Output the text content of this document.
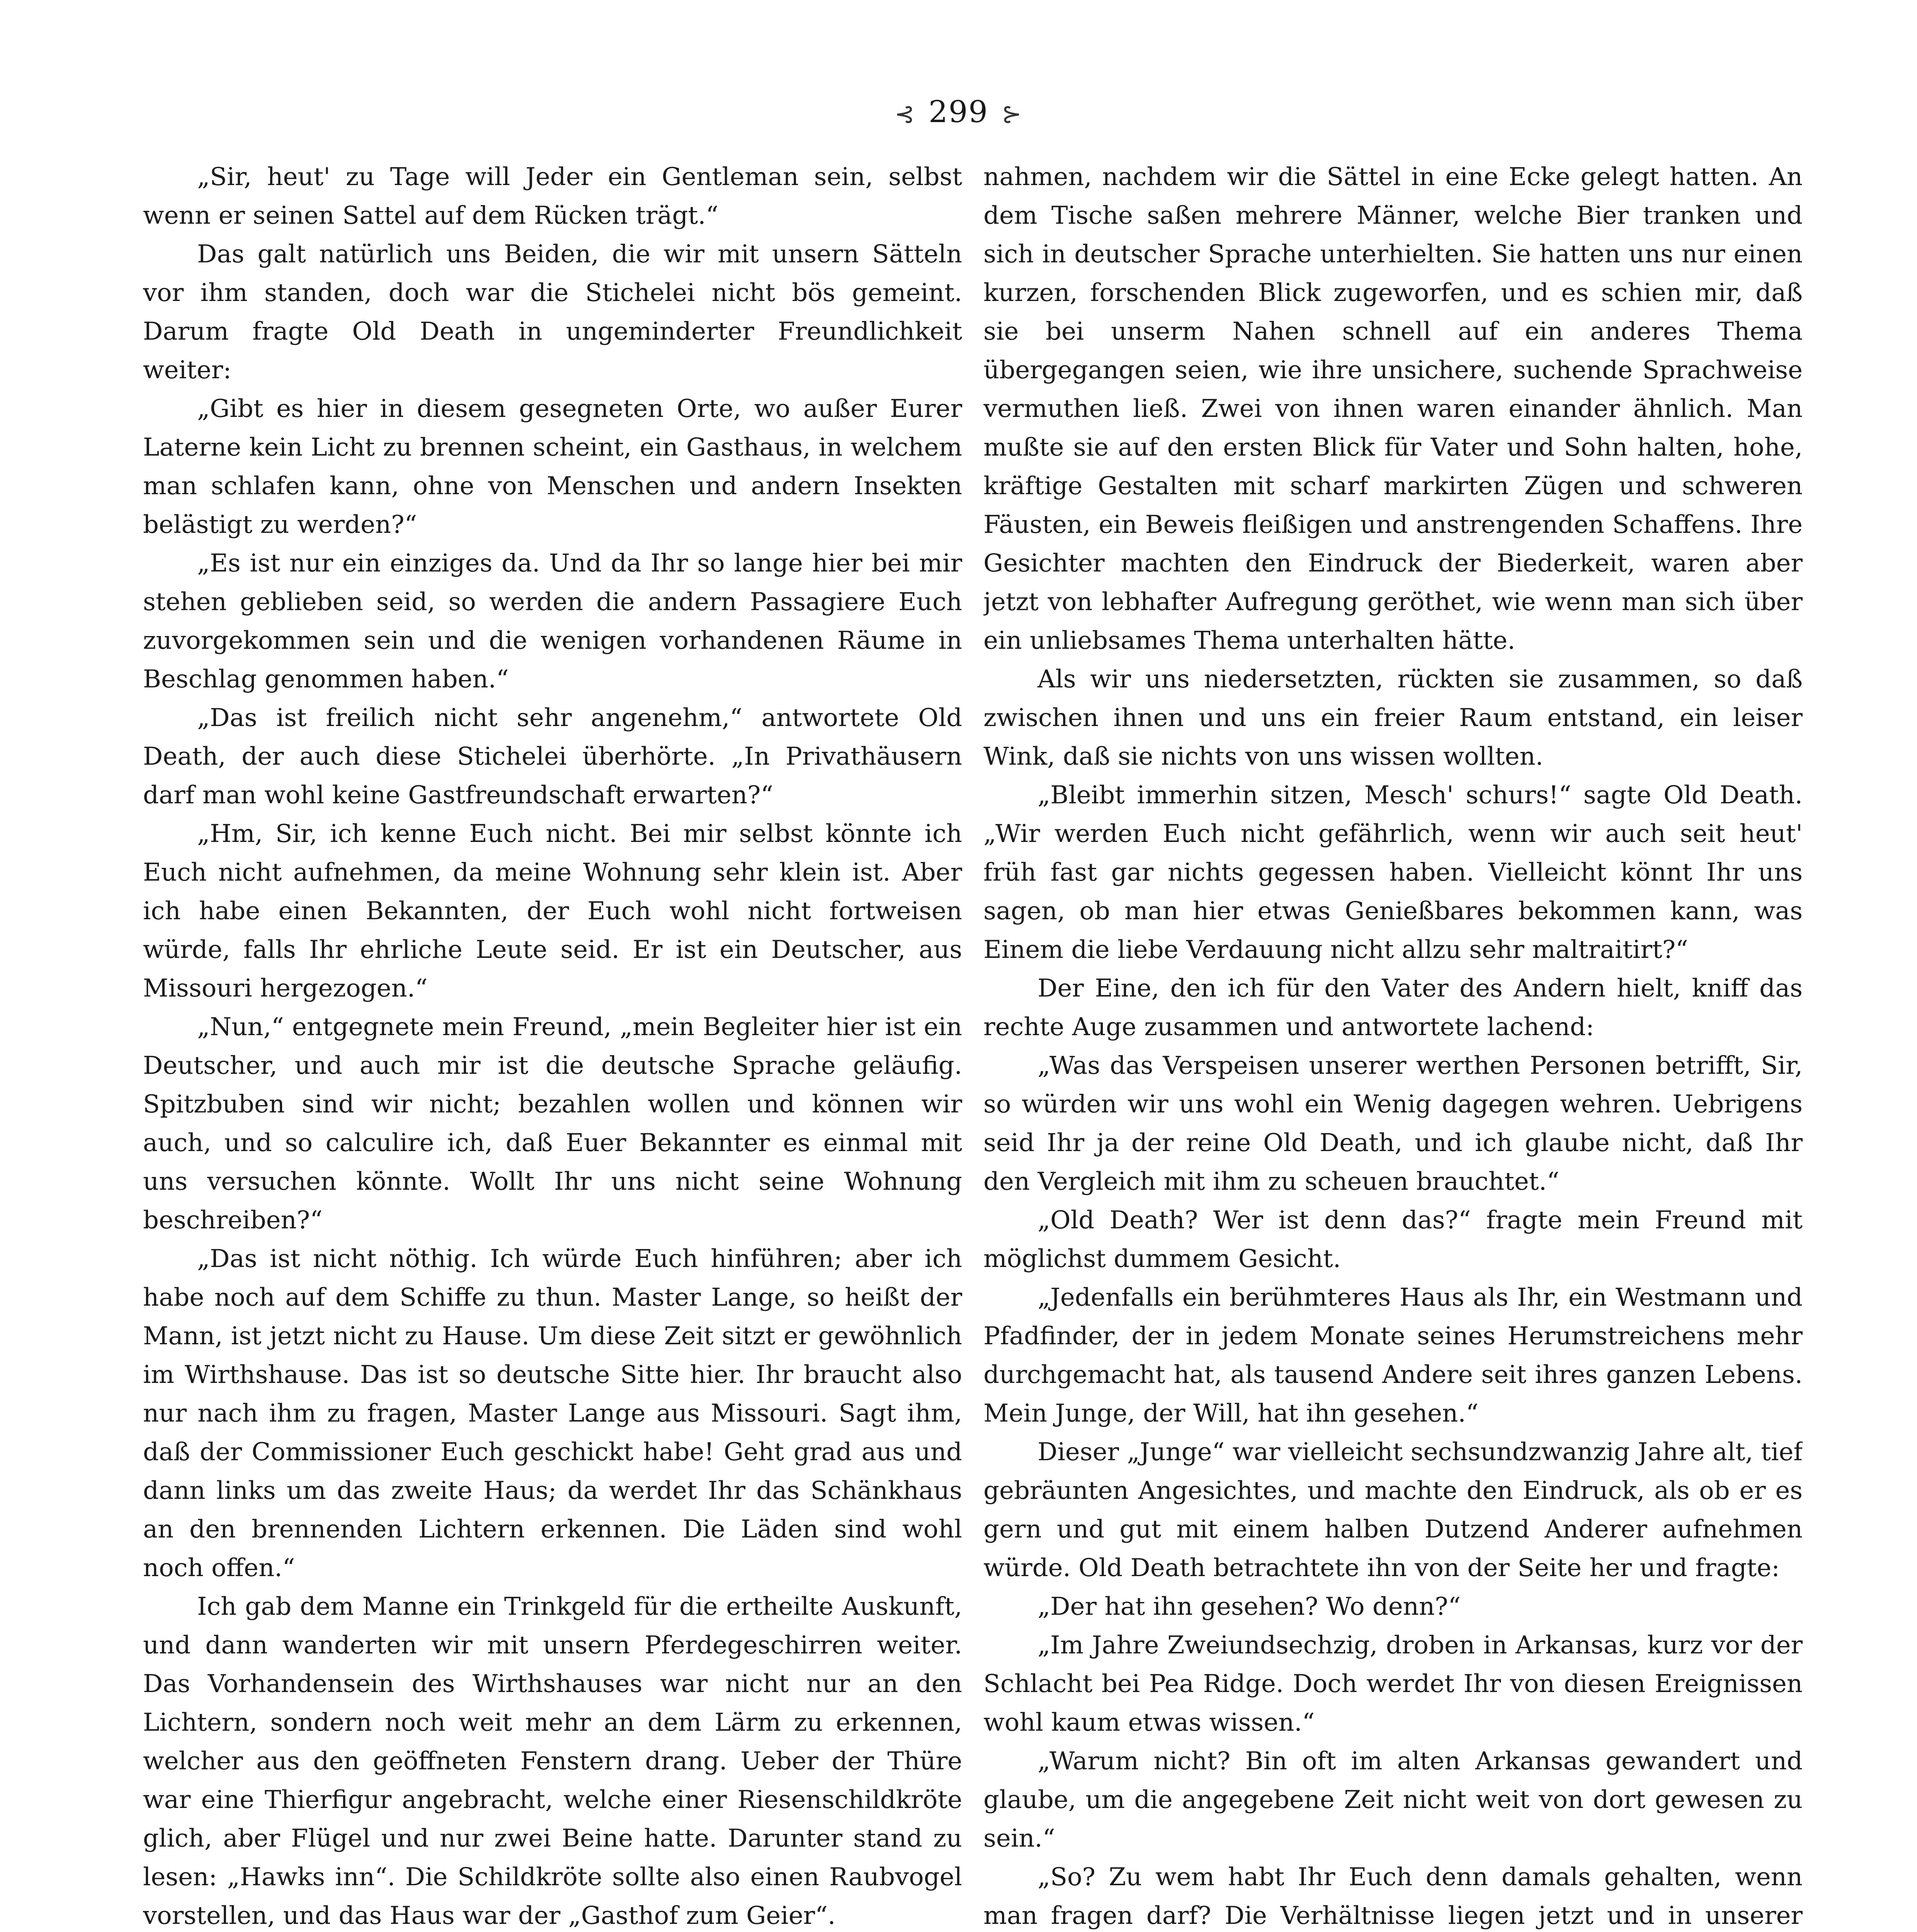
⊰ 299 ⊱

„Sir, heut' zu Tage will Jeder ein Gentleman sein, selbst wenn er seinen Sattel auf dem Rücken trägt.“

Das galt natürlich uns Beiden, die wir mit unsern Sätteln vor ihm standen, doch war die Stichelei nicht bös gemeint. Darum fragte Old Death in ungeminderter Freundlichkeit weiter:

„Gibt es hier in diesem gesegneten Orte, wo außer Eurer Laterne kein Licht zu brennen scheint, ein Gasthaus, in welchem man schlafen kann, ohne von Menschen und andern Insekten belästigt zu werden?“

„Es ist nur ein einziges da. Und da Ihr so lange hier bei mir stehen geblieben seid, so werden die andern Passagiere Euch zuvorgekommen sein und die wenigen vorhandenen Räume in Beschlag genommen haben.“

„Das ist freilich nicht sehr angenehm,“ antwortete Old Death, der auch diese Stichelei überhörte. „In Privathäusern darf man wohl keine Gastfreundschaft erwarten?“

„Hm, Sir, ich kenne Euch nicht. Bei mir selbst könnte ich Euch nicht aufnehmen, da meine Wohnung sehr klein ist. Aber ich habe einen Bekannten, der Euch wohl nicht fortweisen würde, falls Ihr ehrliche Leute seid. Er ist ein Deutscher, aus Missouri hergezogen.“

„Nun,“ entgegnete mein Freund, „mein Begleiter hier ist ein Deutscher, und auch mir ist die deutsche Sprache geläufig. Spitzbuben sind wir nicht; bezahlen wollen und können wir auch, und so calculire ich, daß Euer Bekannter es einmal mit uns versuchen könnte. Wollt Ihr uns nicht seine Wohnung beschreiben?“

„Das ist nicht nöthig. Ich würde Euch hinführen; aber ich habe noch auf dem Schiffe zu thun. Master Lange, so heißt der Mann, ist jetzt nicht zu Hause. Um diese Zeit sitzt er gewöhnlich im Wirthshause. Das ist so deutsche Sitte hier. Ihr braucht also nur nach ihm zu fragen, Master Lange aus Missouri. Sagt ihm, daß der Commissioner Euch geschickt habe! Geht grad aus und dann links um das zweite Haus; da werdet Ihr das Schänkhaus an den brennenden Lichtern erkennen. Die Läden sind wohl noch offen.“

Ich gab dem Manne ein Trinkgeld für die ertheilte Auskunft, und dann wanderten wir mit unsern Pferdegeschirren weiter. Das Vorhandensein des Wirthshauses war nicht nur an den Lichtern, sondern noch weit mehr an dem Lärm zu erkennen, welcher aus den geöffneten Fenstern drang. Ueber der Thüre war eine Thierfigur angebracht, welche einer Riesenschildkröte glich, aber Flügel und nur zwei Beine hatte. Darunter stand zu lesen: „Hawks inn“. Die Schildkröte sollte also einen Raubvogel vorstellen, und das Haus war der „Gasthof zum Geier“.

nahmen, nachdem wir die Sättel in eine Ecke gelegt hatten. An dem Tische saßen mehrere Männer, welche Bier tranken und sich in deutscher Sprache unterhielten. Sie hatten uns nur einen kurzen, forschenden Blick zugeworfen, und es schien mir, daß sie bei unserm Nahen schnell auf ein anderes Thema übergegangen seien, wie ihre unsichere, suchende Sprachweise vermuthen ließ. Zwei von ihnen waren einander ähnlich. Man mußte sie auf den ersten Blick für Vater und Sohn halten, hohe, kräftige Gestalten mit scharf markirten Zügen und schweren Fäusten, ein Beweis fleißigen und anstrengenden Schaffens. Ihre Gesichter machten den Eindruck der Biederkeit, waren aber jetzt von lebhafter Aufregung geröthet, wie wenn man sich über ein unliebsames Thema unterhalten hätte.

Als wir uns niedersetzten, rückten sie zusammen, so daß zwischen ihnen und uns ein freier Raum entstand, ein leiser Wink, daß sie nichts von uns wissen wollten.

„Bleibt immerhin sitzen, Mesch' schurs!“ sagte Old Death. „Wir werden Euch nicht gefährlich, wenn wir auch seit heut' früh fast gar nichts gegessen haben. Vielleicht könnt Ihr uns sagen, ob man hier etwas Genießbares bekommen kann, was Einem die liebe Verdauung nicht allzu sehr maltraitirt?“

Der Eine, den ich für den Vater des Andern hielt, kniff das rechte Auge zusammen und antwortete lachend:

„Was das Verspeisen unserer werthen Personen betrifft, Sir, so würden wir uns wohl ein Wenig dagegen wehren. Uebrigens seid Ihr ja der reine Old Death, und ich glaube nicht, daß Ihr den Vergleich mit ihm zu scheuen brauchtet.“

„Old Death? Wer ist denn das?“ fragte mein Freund mit möglichst dummem Gesicht.

„Jedenfalls ein berühmteres Haus als Ihr, ein Westmann und Pfadfinder, der in jedem Monate seines Herumstreichens mehr durchgemacht hat, als tausend Andere seit ihres ganzen Lebens. Mein Junge, der Will, hat ihn gesehen.“

Dieser „Junge“ war vielleicht sechsundzwanzig Jahre alt, tief gebräunten Angesichtes, und machte den Eindruck, als ob er es gern und gut mit einem halben Dutzend Anderer aufnehmen würde. Old Death betrachtete ihn von der Seite her und fragte:

„Der hat ihn gesehen? Wo denn?“

„Im Jahre Zweiundsechzig, droben in Arkansas, kurz vor der Schlacht bei Pea Ridge. Doch werdet Ihr von diesen Ereignissen wohl kaum etwas wissen.“

„Warum nicht? Bin oft im alten Arkansas gewandert und glaube, um die angegebene Zeit nicht weit von dort gewesen zu sein.“

„So? Zu wem habt Ihr Euch denn damals gehalten, wenn man fragen darf? Die Verhältnisse liegen jetzt und in unserer
